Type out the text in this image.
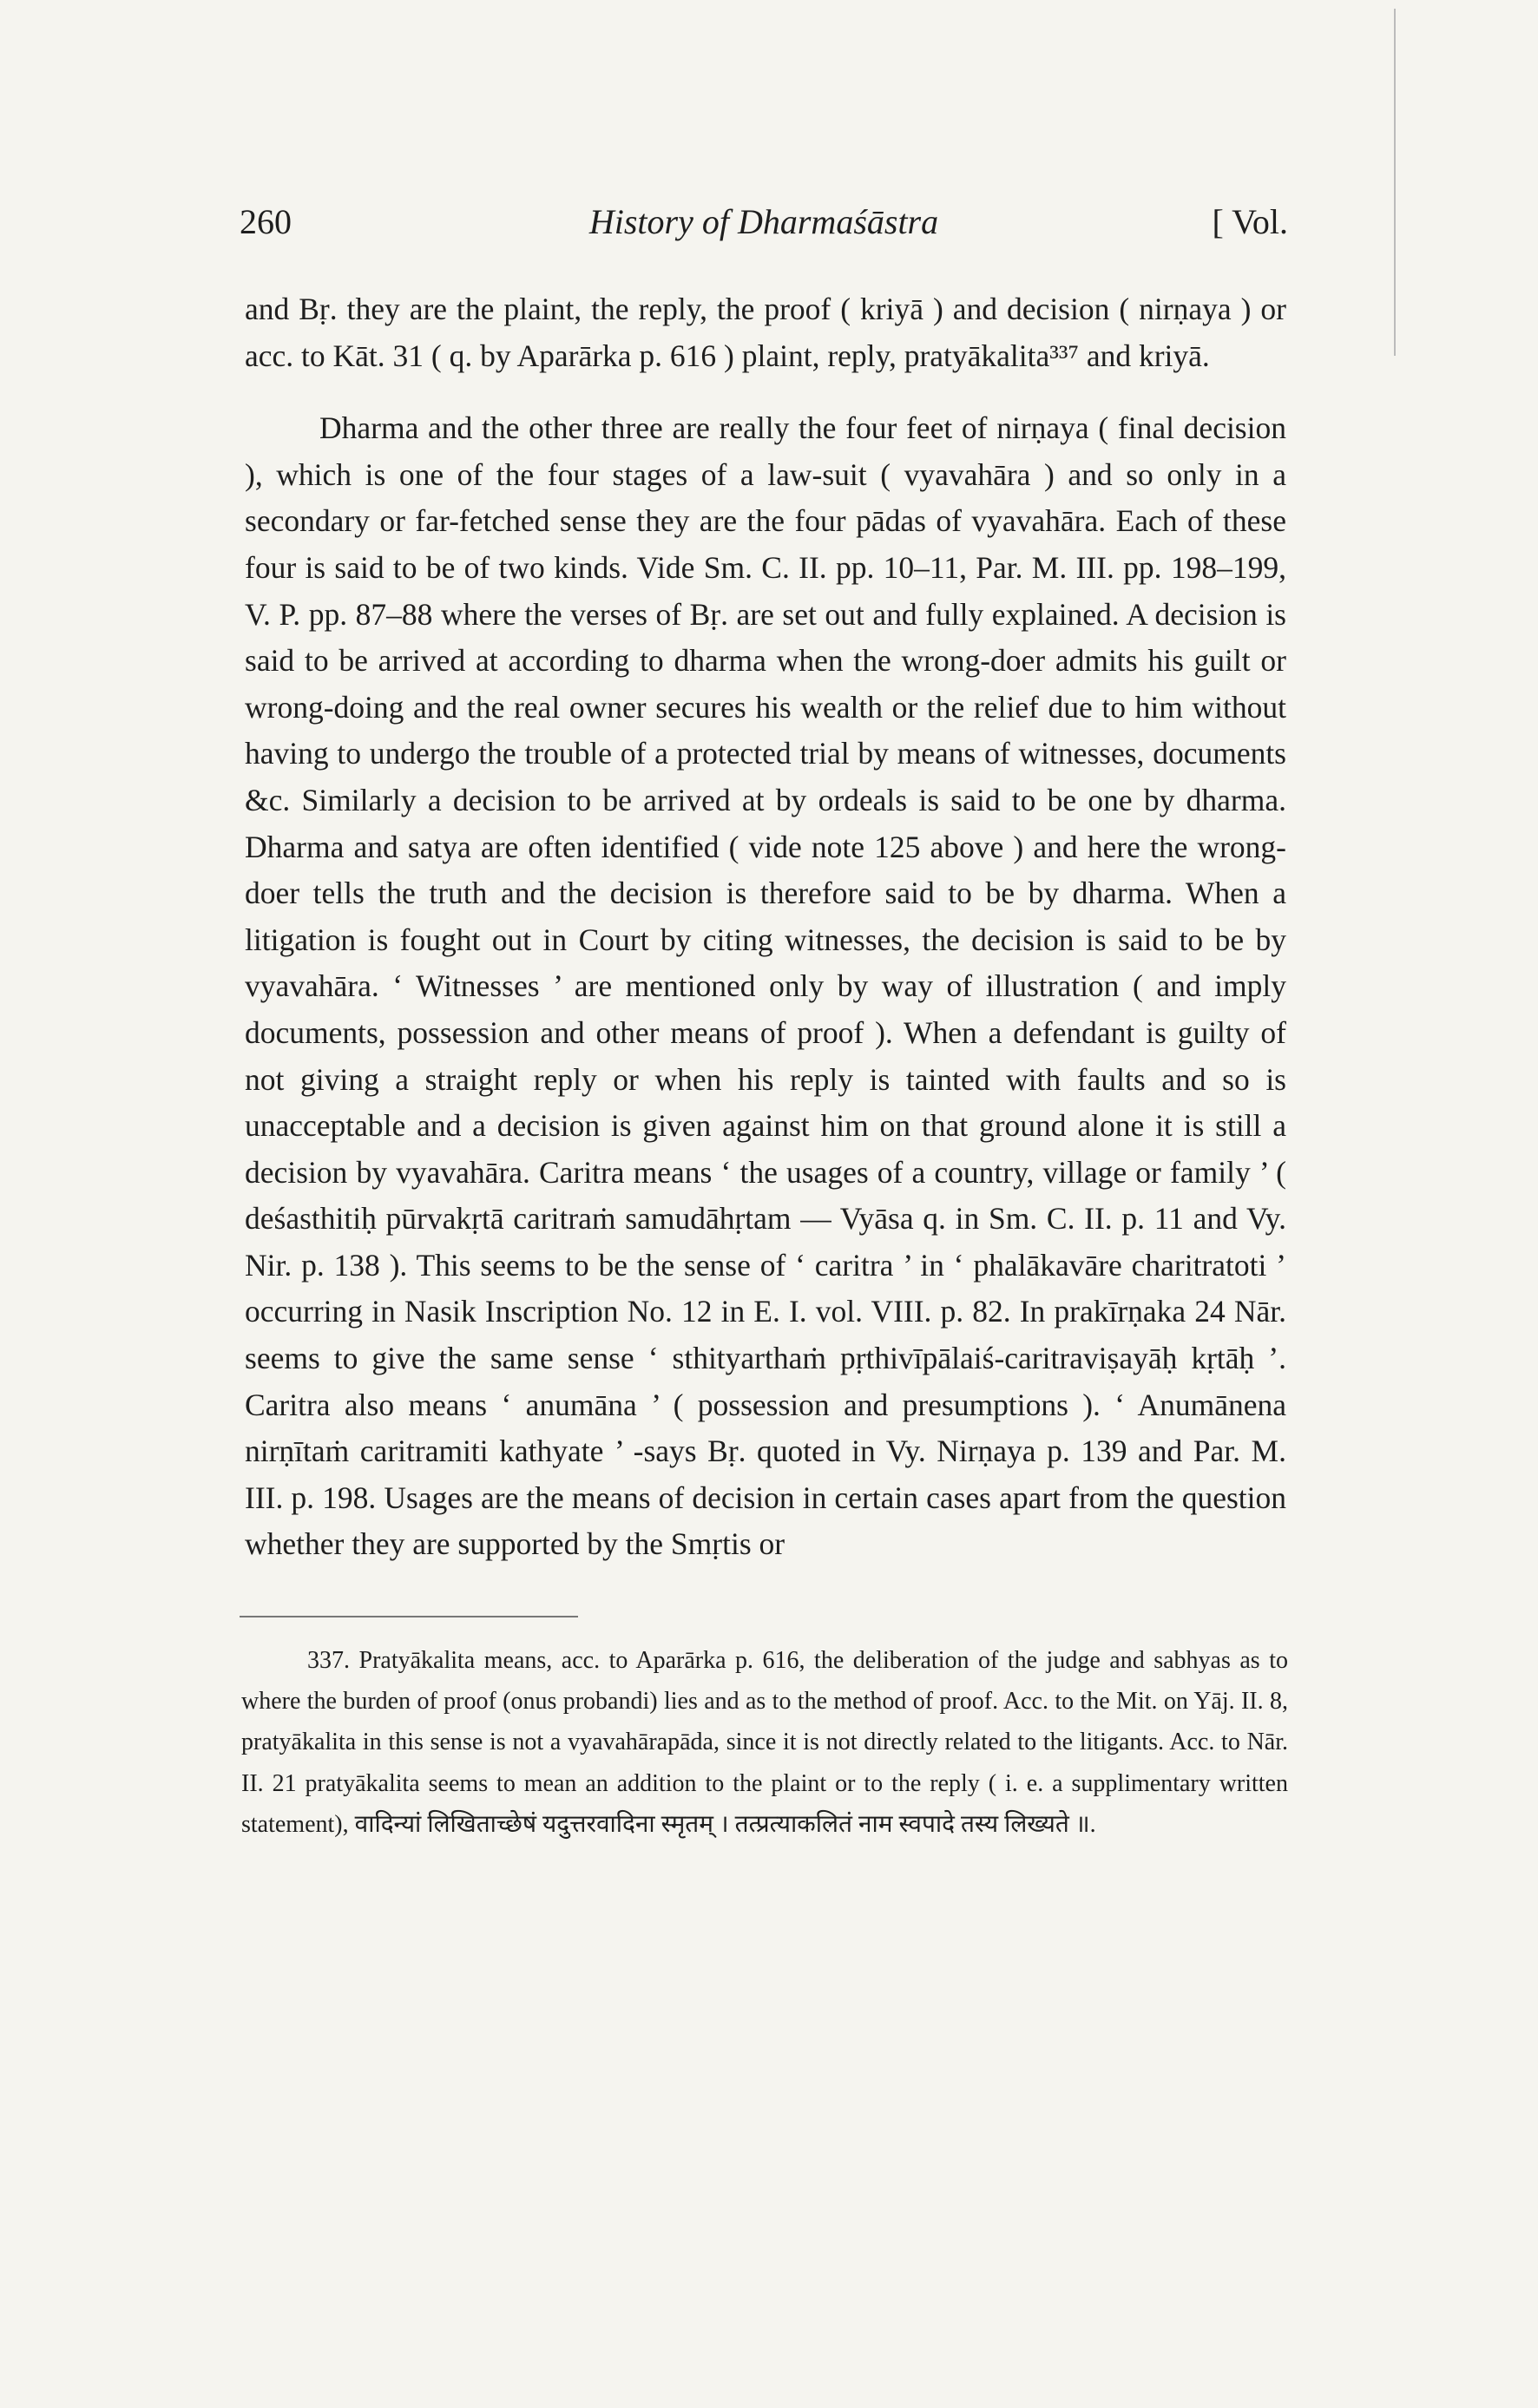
260	History of Dharmaśāstra	[ Vol.

and Bṛ. they are the plaint, the reply, the proof ( kriyā ) and decision ( nirṇaya ) or acc. to Kāt. 31 ( q. by Aparārka p. 616 ) plaint, reply, pratyākalita³³⁷ and kriyā.

Dharma and the other three are really the four feet of nirṇaya ( final decision ), which is one of the four stages of a law-suit ( vyavahāra ) and so only in a secondary or far-fetched sense they are the four pādas of vyavahāra. Each of these four is said to be of two kinds. Vide Sm. C. II. pp. 10–11, Par. M. III. pp. 198–199, V. P. pp. 87–88 where the verses of Bṛ. are set out and fully explained. A decision is said to be arrived at according to dharma when the wrong-doer admits his guilt or wrong-doing and the real owner secures his wealth or the relief due to him without having to undergo the trouble of a protected trial by means of witnesses, documents &c. Similarly a decision to be arrived at by ordeals is said to be one by dharma. Dharma and satya are often identified ( vide note 125 above ) and here the wrong-doer tells the truth and the decision is therefore said to be by dharma. When a litigation is fought out in Court by citing witnesses, the decision is said to be by vyavahāra. ‘ Witnesses ’ are mentioned only by way of illustration ( and imply documents, possession and other means of proof ). When a defendant is guilty of not giving a straight reply or when his reply is tainted with faults and so is unacceptable and a decision is given against him on that ground alone it is still a decision by vyavahāra. Caritra means ‘ the usages of a country, village or family ’ ( deśasthitiḥ pūrvakṛtā caritraṁ samudāhṛtam — Vyāsa q. in Sm. C. II. p. 11 and Vy. Nir. p. 138 ). This seems to be the sense of ‘ caritra ’ in ‘ phalākavāre charitratoti ’ occurring in Nasik Inscription No. 12 in E. I. vol. VIII. p. 82. In prakīrṇaka 24 Nār. seems to give the same sense ‘ sthityarthaṁ pṛthivīpālaiś-caritraviṣayāḥ kṛtāḥ ’. Caritra also means ‘ anumāna ’ ( possession and presumptions ). ‘ Anumānena nirṇītaṁ caritramiti kathyate ’ -says Bṛ. quoted in Vy. Nirṇaya p. 139 and Par. M. III. p. 198. Usages are the means of decision in certain cases apart from the question whether they are supported by the Smṛtis or

337. Pratyākalita means, acc. to Aparārka p. 616, the deliberation of the judge and sabhyas as to where the burden of proof (onus probandi) lies and as to the method of proof. Acc. to the Mit. on Yāj. II. 8, pratyākalita in this sense is not a vyavahārapāda, since it is not directly related to the litigants. Acc. to Nār. II. 21 pratyākalita seems to mean an addition to the plaint or to the reply ( i. e. a supplimentary written statement), वादिन्यां लिखिताच्छेषं यदुत्तरवादिना स्मृतम् । तत्प्रत्याकलितं नाम स्वपादे तस्य लिख्यते ॥.
